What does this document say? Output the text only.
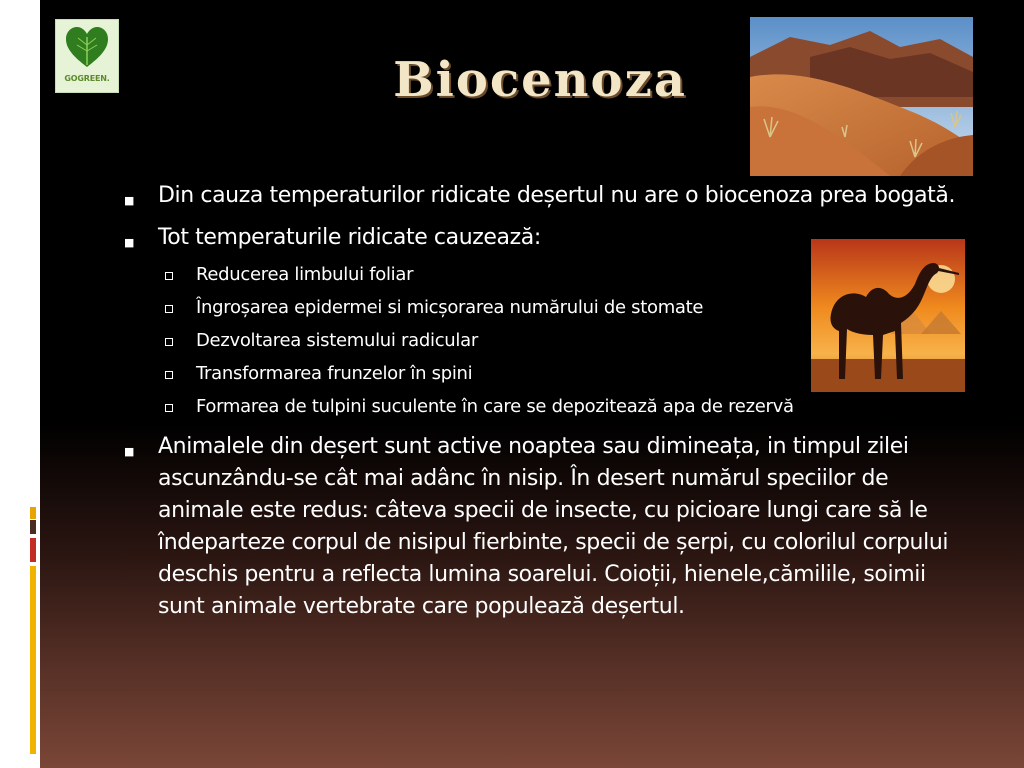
GOGREEN.	Biocenoza
■ Din cauza temperaturilor ridicate deșertul nu are o biocenoza prea bogată.
■ Tot temperaturile ridicate cauzează:
Reducerea limbului foliar
Îngroșarea epidermei si micșorarea numărului de stomate
Dezvoltarea sistemului radicular
Transformarea frunzelor în spini
Formarea de tulpini suculente în care se depozitează apa de rezervă
■ Animalele din deșert sunt active noaptea sau dimineața, in timpul zilei ascunzându-se cât mai adânc în nisip. În desert numărul speciilor de animale este redus: câteva specii de insecte, cu picioare lungi care să le îndeparteze corpul de nisipul fierbinte, specii de șerpi, cu colorilul corpului deschis pentru a reflecta lumina soarelui. Coioții, hienele,cămilile, soimii sunt animale vertebrate care populează deșertul.
